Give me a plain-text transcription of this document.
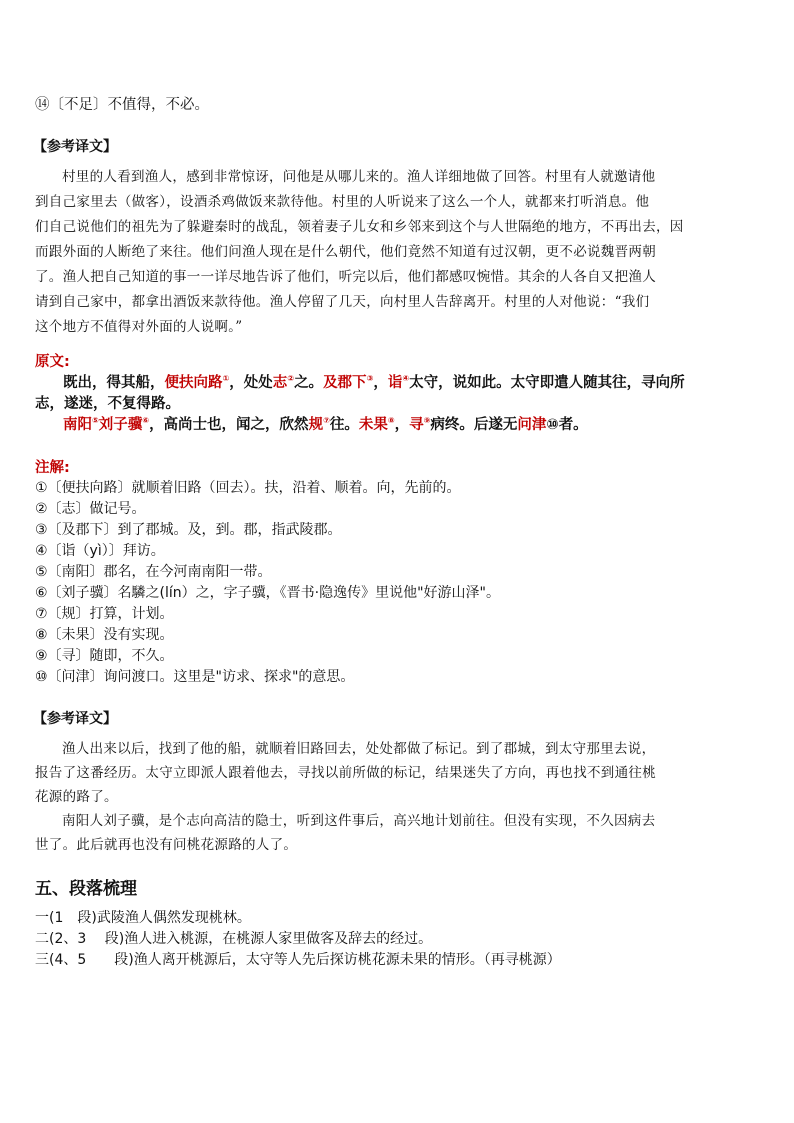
⑭〔不足〕不值得，不必。
【参考译文】
村里的人看到渔人，感到非常惊讶，问他是从哪儿来的。渔人详细地做了回答。村里有人就邀请他
到自己家里去（做客），设酒杀鸡做饭来款待他。村里的人听说来了这么一个人，就都来打听消息。他
们自己说他们的祖先为了躲避秦时的战乱，领着妻子儿女和乡邻来到这个与人世隔绝的地方，不再出去，因
而跟外面的人断绝了来往。他们问渔人现在是什么朝代，他们竟然不知道有过汉朝，更不必说魏晋两朝
了。渔人把自己知道的事一一详尽地告诉了他们，听完以后，他们都感叹惋惜。其余的人各自又把渔人
请到自己家中，都拿出酒饭来款待他。渔人停留了几天，向村里人告辞离开。村里的人对他说：“我们
这个地方不值得对外面的人说啊。”
原文:
既出，得其船，便扶向路①，处处志②之。及郡下③，诣④太守，说如此。太守即遣人随其往，寻向所
志，遂迷，不复得路。
南阳⑤刘子骥⑥，高尚士也，闻之，欣然规⑦往。未果⑧，寻⑨病终。后遂无问津⑩者。
注解:
①〔便扶向路〕就顺着旧路（回去）。扶，沿着、顺着。向，先前的。
②〔志〕做记号。
③〔及郡下〕到了郡城。及，到。郡，指武陵郡。
④〔诣（yì）〕拜访。
⑤〔南阳〕郡名，在今河南南阳一带。
⑥〔刘子骥〕名驎之(lín）之，字子骥，《晋书·隐逸传》里说他"好游山泽"。
⑦〔规〕打算，计划。
⑧〔未果〕没有实现。
⑨〔寻〕随即，不久。
⑩〔问津〕询问渡口。这里是"访求、探求"的意思。
【参考译文】
渔人出来以后，找到了他的船，就顺着旧路回去，处处都做了标记。到了郡城，到太守那里去说，
报告了这番经历。太守立即派人跟着他去，寻找以前所做的标记，结果迷失了方向，再也找不到通往桃
花源的路了。
南阳人刘子骥，是个志向高洁的隐士，听到这件事后，高兴地计划前往。但没有实现，不久因病去
世了。此后就再也没有问桃花源路的人了。
五、段落梳理
一(1　段)武陵渔人偶然发现桃林。
二(2、3　 段)渔人进入桃源，在桃源人家里做客及辞去的经过。
三(4、5　　段)渔人离开桃源后，太守等人先后探访桃花源未果的情形。（再寻桃源）
